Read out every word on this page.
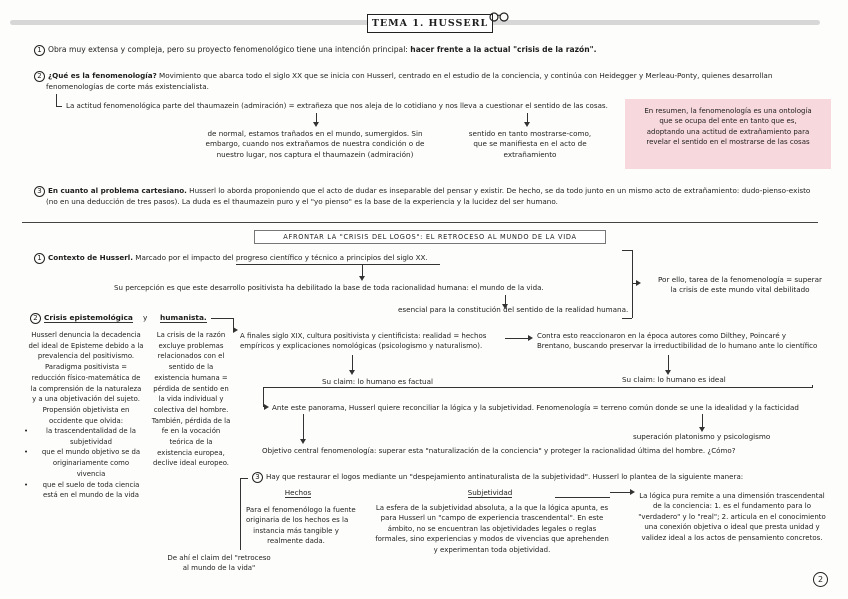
TEMA 1. HUSSERL
1 Obra muy extensa y compleja, pero su proyecto fenomenológico tiene una intención principal: hacer frente a la actual "crisis de la razón".
2 ¿Qué es la fenomenología? Movimiento que abarca todo el siglo XX que se inicia con Husserl, centrado en el estudio de la conciencia, y continúa con Heidegger y Merleau-Ponty, quienes desarrollan
fenomenologías de corte más existencialista.
La actitud fenomenológica parte del thaumazein (admiración) = extrañeza que nos aleja de lo cotidiano y nos lleva a cuestionar el sentido de las cosas.
de normal, estamos trañados en el mundo, sumergidos. Sin
embargo, cuando nos extrañamos de nuestra condición o de
nuestro lugar, nos captura el thaumazein (admiración)
sentido en tanto mostrarse-como,
que se manifiesta en el acto de
extrañamiento
En resumen, la fenomenología es una ontología
que se ocupa del ente en tanto que es,
adoptando una actitud de extrañamiento para
revelar el sentido en el mostrarse de las cosas
3 En cuanto al problema cartesiano. Husserl lo aborda proponiendo que el acto de dudar es inseparable del pensar y existir. De hecho, se da todo junto en un mismo acto de extrañamiento: dudo-pienso-existo
(no en una deducción de tres pasos). La duda es el thaumazein puro y el "yo pienso" es la base de la experiencia y la lucidez del ser humano.
AFRONTAR LA "CRISIS DEL LOGOS": EL RETROCESO AL MUNDO DE LA VIDA
1 Contexto de Husserl. Marcado por el impacto del progreso científico y técnico a principios del siglo XX.
Su percepción es que este desarrollo positivista ha debilitado la base de toda racionalidad humana: el mundo de la vida.
esencial para la constitución del sentido de la realidad humana.
Por ello, tarea de la fenomenología = superar
la crisis de este mundo vital debilitado
2 Crisis epistemológica y humanista.
Husserl denuncia la decadencia
del ideal de Episteme debido a la
prevalencia del positivismo.
Paradigma positivista =
reducción físico-matemática de
la comprensión de la naturaleza
y a una objetivación del sujeto.
Propensión objetivista en
occidente que olvida:
•	la trascendentalidad de la
subjetividad
•	que el mundo objetivo se da
originariamente como
vivencia
•	que el suelo de toda ciencia
está en el mundo de la vida
La crisis de la razón
excluye problemas
relacionados con el
sentido de la
existencia humana =
pérdida de sentido en
la vida individual y
colectiva del hombre.
También, pérdida de la
fe en la vocación
teórica de la
existencia europea,
declive ideal europeo.
A finales siglo XIX, cultura positivista y cientificista: realidad = hechos
empíricos y explicaciones nomológicas (psicologismo y naturalismo).
Contra esto reaccionaron en la época autores como Dilthey, Poincaré y
Brentano, buscando preservar la irreductibilidad de lo humano ante lo científico
Su claim: lo humano es factual	Su claim: lo humano es ideal
Ante este panorama, Husserl quiere reconciliar la lógica y la subjetividad. Fenomenología = terreno común donde se une la idealidad y la facticidad
superación platonismo y psicologismo
Objetivo central fenomenología: superar esta "naturalización de la conciencia" y proteger la racionalidad última del hombre. ¿Cómo?
3 Hay que restaurar el logos mediante un "despejamiento antinaturalista de la subjetividad". Husserl lo plantea de la siguiente manera:
Hechos
Para el fenomenólogo la fuente
originaria de los hechos es la
instancia más tangible y
realmente dada.
De ahí el claim del "retroceso
al mundo de la vida"
Subjetividad
La esfera de la subjetividad absoluta, a la que la lógica apunta, es
para Husserl un "campo de experiencia trascendental". En este
ámbito, no se encuentran las objetividades legales o reglas
formales, sino experiencias y modos de vivencias que aprehenden
y experimentan toda objetividad.
La lógica pura remite a una dimensión trascendental
de la conciencia: 1. es el fundamento para lo
"verdadero" y lo "real"; 2. articula en el conocimiento
una conexión objetiva o ideal que presta unidad y
validez ideal a los actos de pensamiento concretos.
2
